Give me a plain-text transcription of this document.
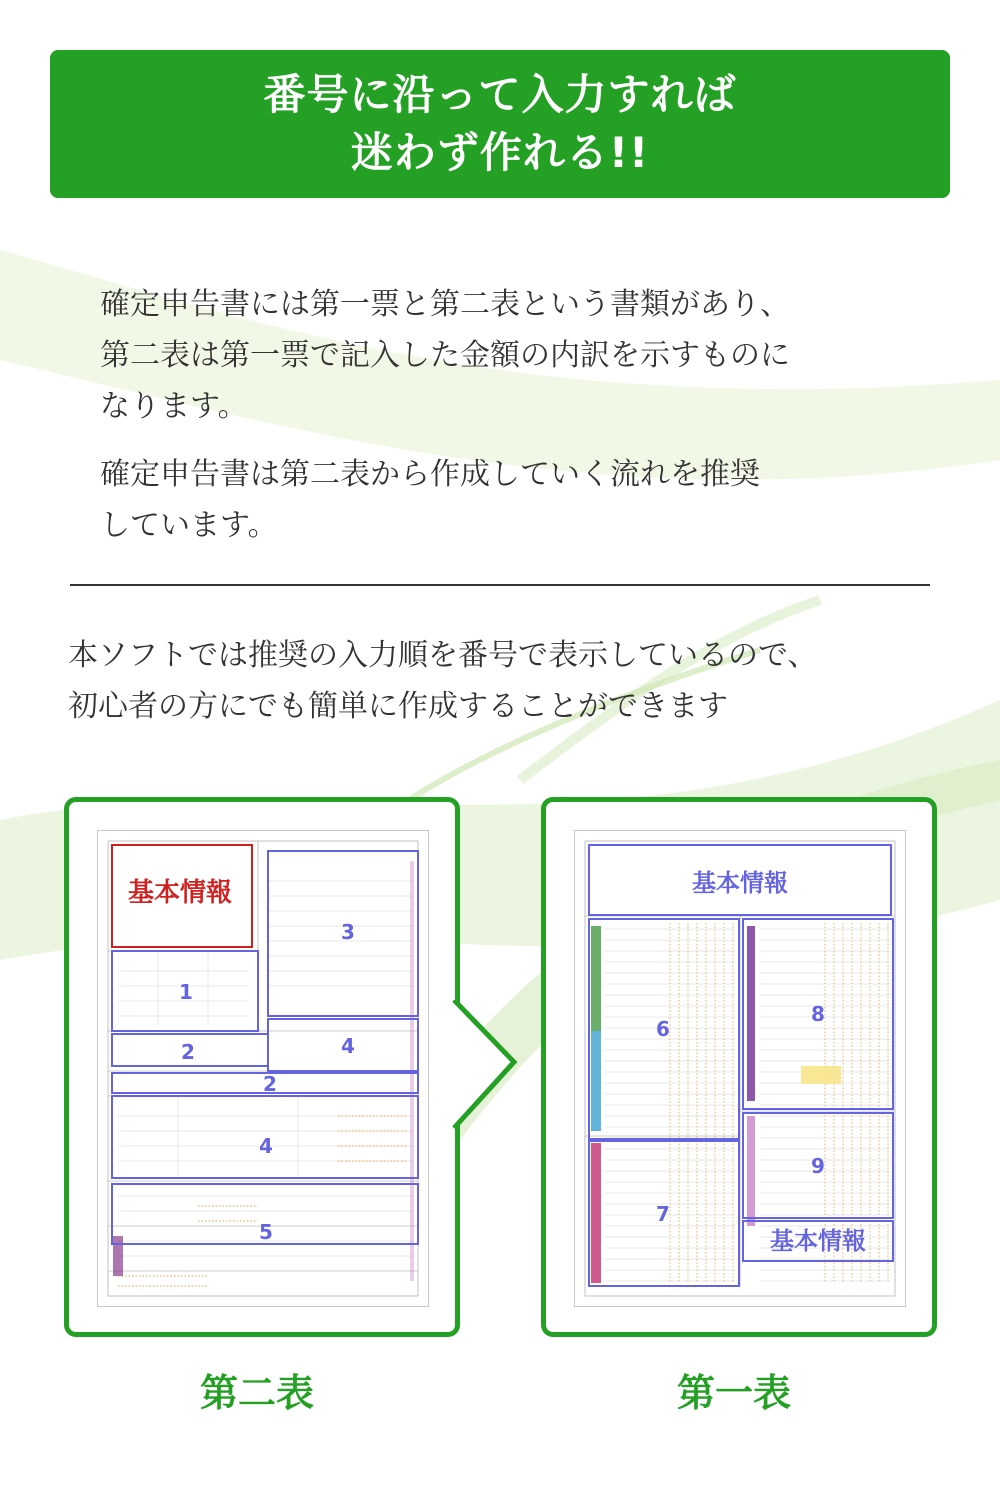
番号に沿って入力すれば
迷わず作れる!!
確定申告書には第一票と第二表という書類があり、
第二表は第一票で記入した金額の内訳を示すものに
なります。
確定申告書は第二表から作成していく流れを推奨
しています。
本ソフトでは推奨の入力順を番号で表示しているので、
初心者の方にでも簡単に作成することができます
基本情報
1
2
2
3
4
4
5
基本情報
基本情報
6
7
8
9
第二表	第一表
